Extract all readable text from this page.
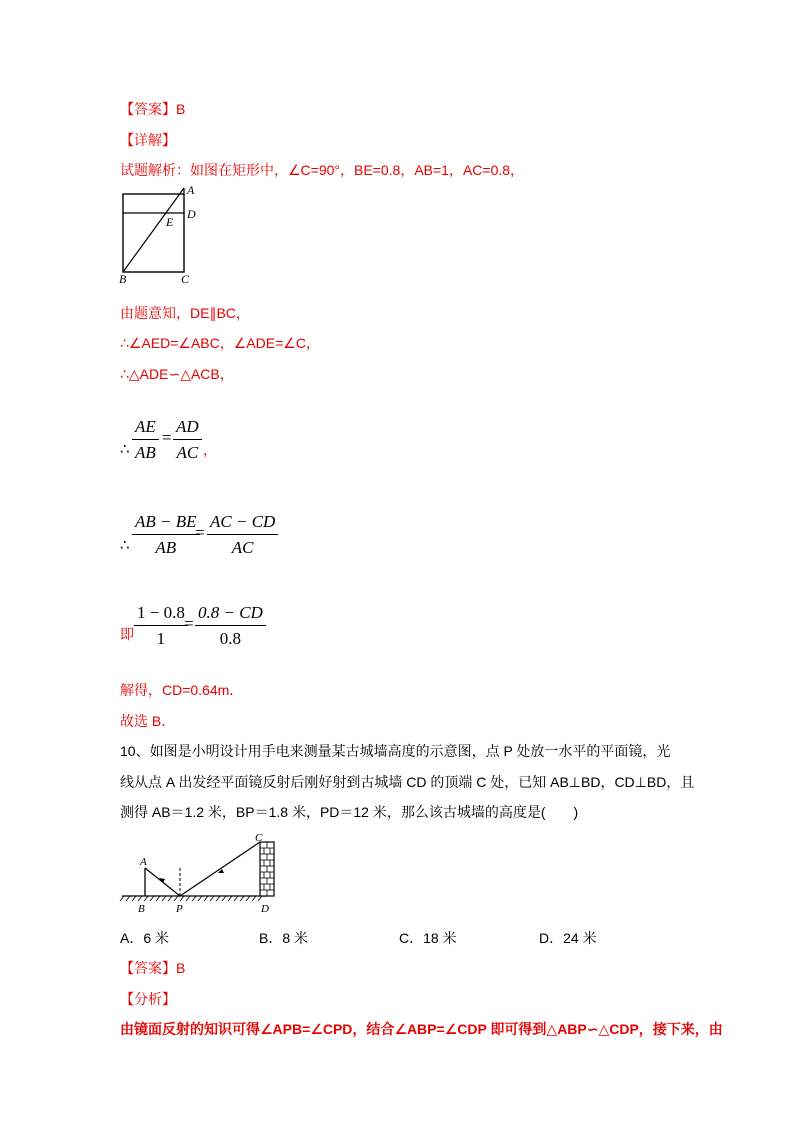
【答案】B
【详解】
试题解析：如图在矩形中，∠C=90°，BE=0.8，AB=1，AC=0.8，
A
D
E
B	C
由题意知，DE∥BC，
∴∠AED=∠ABC，∠ADE=∠C，
∴△ADE∽△ACB，
∴ $\frac{AE}{AB} = \frac{AD}{AC}$ ，
∴ $\frac{AB - BE}{AB}$
= $\frac{AC - CD}{AC}$
即 $\frac{1 - 0.8}{1}$
= $\frac{0.8 - CD}{0.8}$
解得，CD=0.64m．
故选 B．
10、如图是小明设计用手电来测量某古城墙高度的示意图，点 P 处放一水平的平面镜，光
线从点 A 出发经平面镜反射后刚好射到古城墙 CD 的顶端 C 处，已知 AB⊥BD，CD⊥BD，且
测得 AB＝1.2 米，BP＝1.8 米，PD＝12 米，那么该古城墙的高度是(　　)
A
B	P
C
D
A．6 米	B．8 米	C．18 米	D．24 米
【答案】B
【分析】
由镜面反射的知识可得∠APB=∠CPD，结合∠ABP=∠CDP 即可得到△ABP∽△CDP，接下来，由
